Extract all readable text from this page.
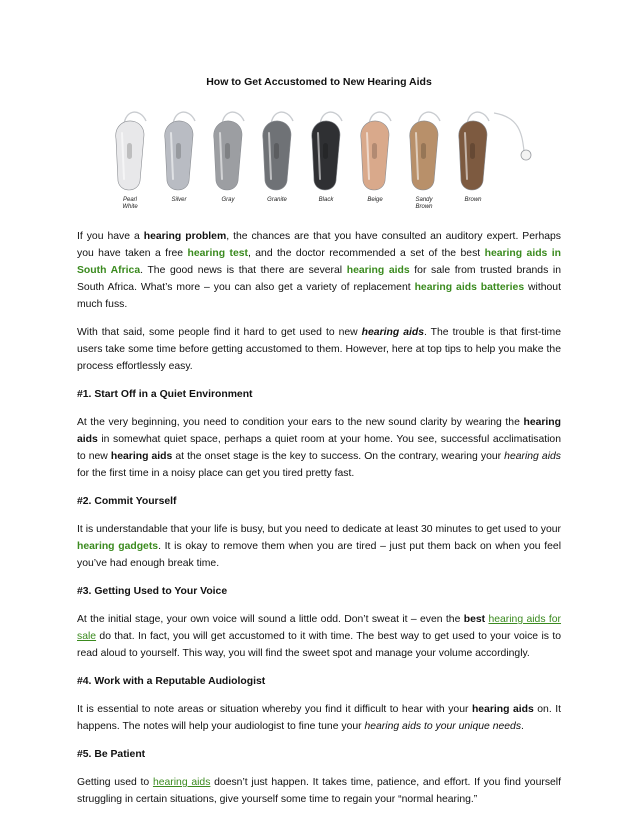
How to Get Accustomed to New Hearing Aids
Pearl
White
Silver	Gray	Granite	Black	Beige	Sandy
Brown
Brown

If you have a hearing problem, the chances are that you have consulted an auditory expert. Perhaps you have taken a free hearing test, and the doctor recommended a set of the best hearing aids in South Africa. The good news is that there are several hearing aids for sale from trusted brands in South Africa. What’s more – you can also get a variety of replacement hearing aids batteries without much fuss.

With that said, some people find it hard to get used to new hearing aids. The trouble is that first-time users take some time before getting accustomed to them. However, here at top tips to help you make the process effortlessly easy.

#1. Start Off in a Quiet Environment

At the very beginning, you need to condition your ears to the new sound clarity by wearing the hearing aids in somewhat quiet space, perhaps a quiet room at your home. You see, successful acclimatisation to new hearing aids at the onset stage is the key to success. On the contrary, wearing your hearing aids for the first time in a noisy place can get you tired pretty fast.

#2. Commit Yourself

It is understandable that your life is busy, but you need to dedicate at least 30 minutes to get used to your hearing gadgets. It is okay to remove them when you are tired – just put them back on when you feel you’ve had enough break time.

#3. Getting Used to Your Voice

At the initial stage, your own voice will sound a little odd. Don’t sweat it – even the best hearing aids for sale do that. In fact, you will get accustomed to it with time. The best way to get used to your voice is to read aloud to yourself. This way, you will find the sweet spot and manage your volume accordingly.

#4. Work with a Reputable Audiologist

It is essential to note areas or situation whereby you find it difficult to hear with your hearing aids on. It happens. The notes will help your audiologist to fine tune your hearing aids to your unique needs.

#5. Be Patient

Getting used to hearing aids doesn’t just happen. It takes time, patience, and effort. If you find yourself struggling in certain situations, give yourself some time to regain your “normal hearing.”
